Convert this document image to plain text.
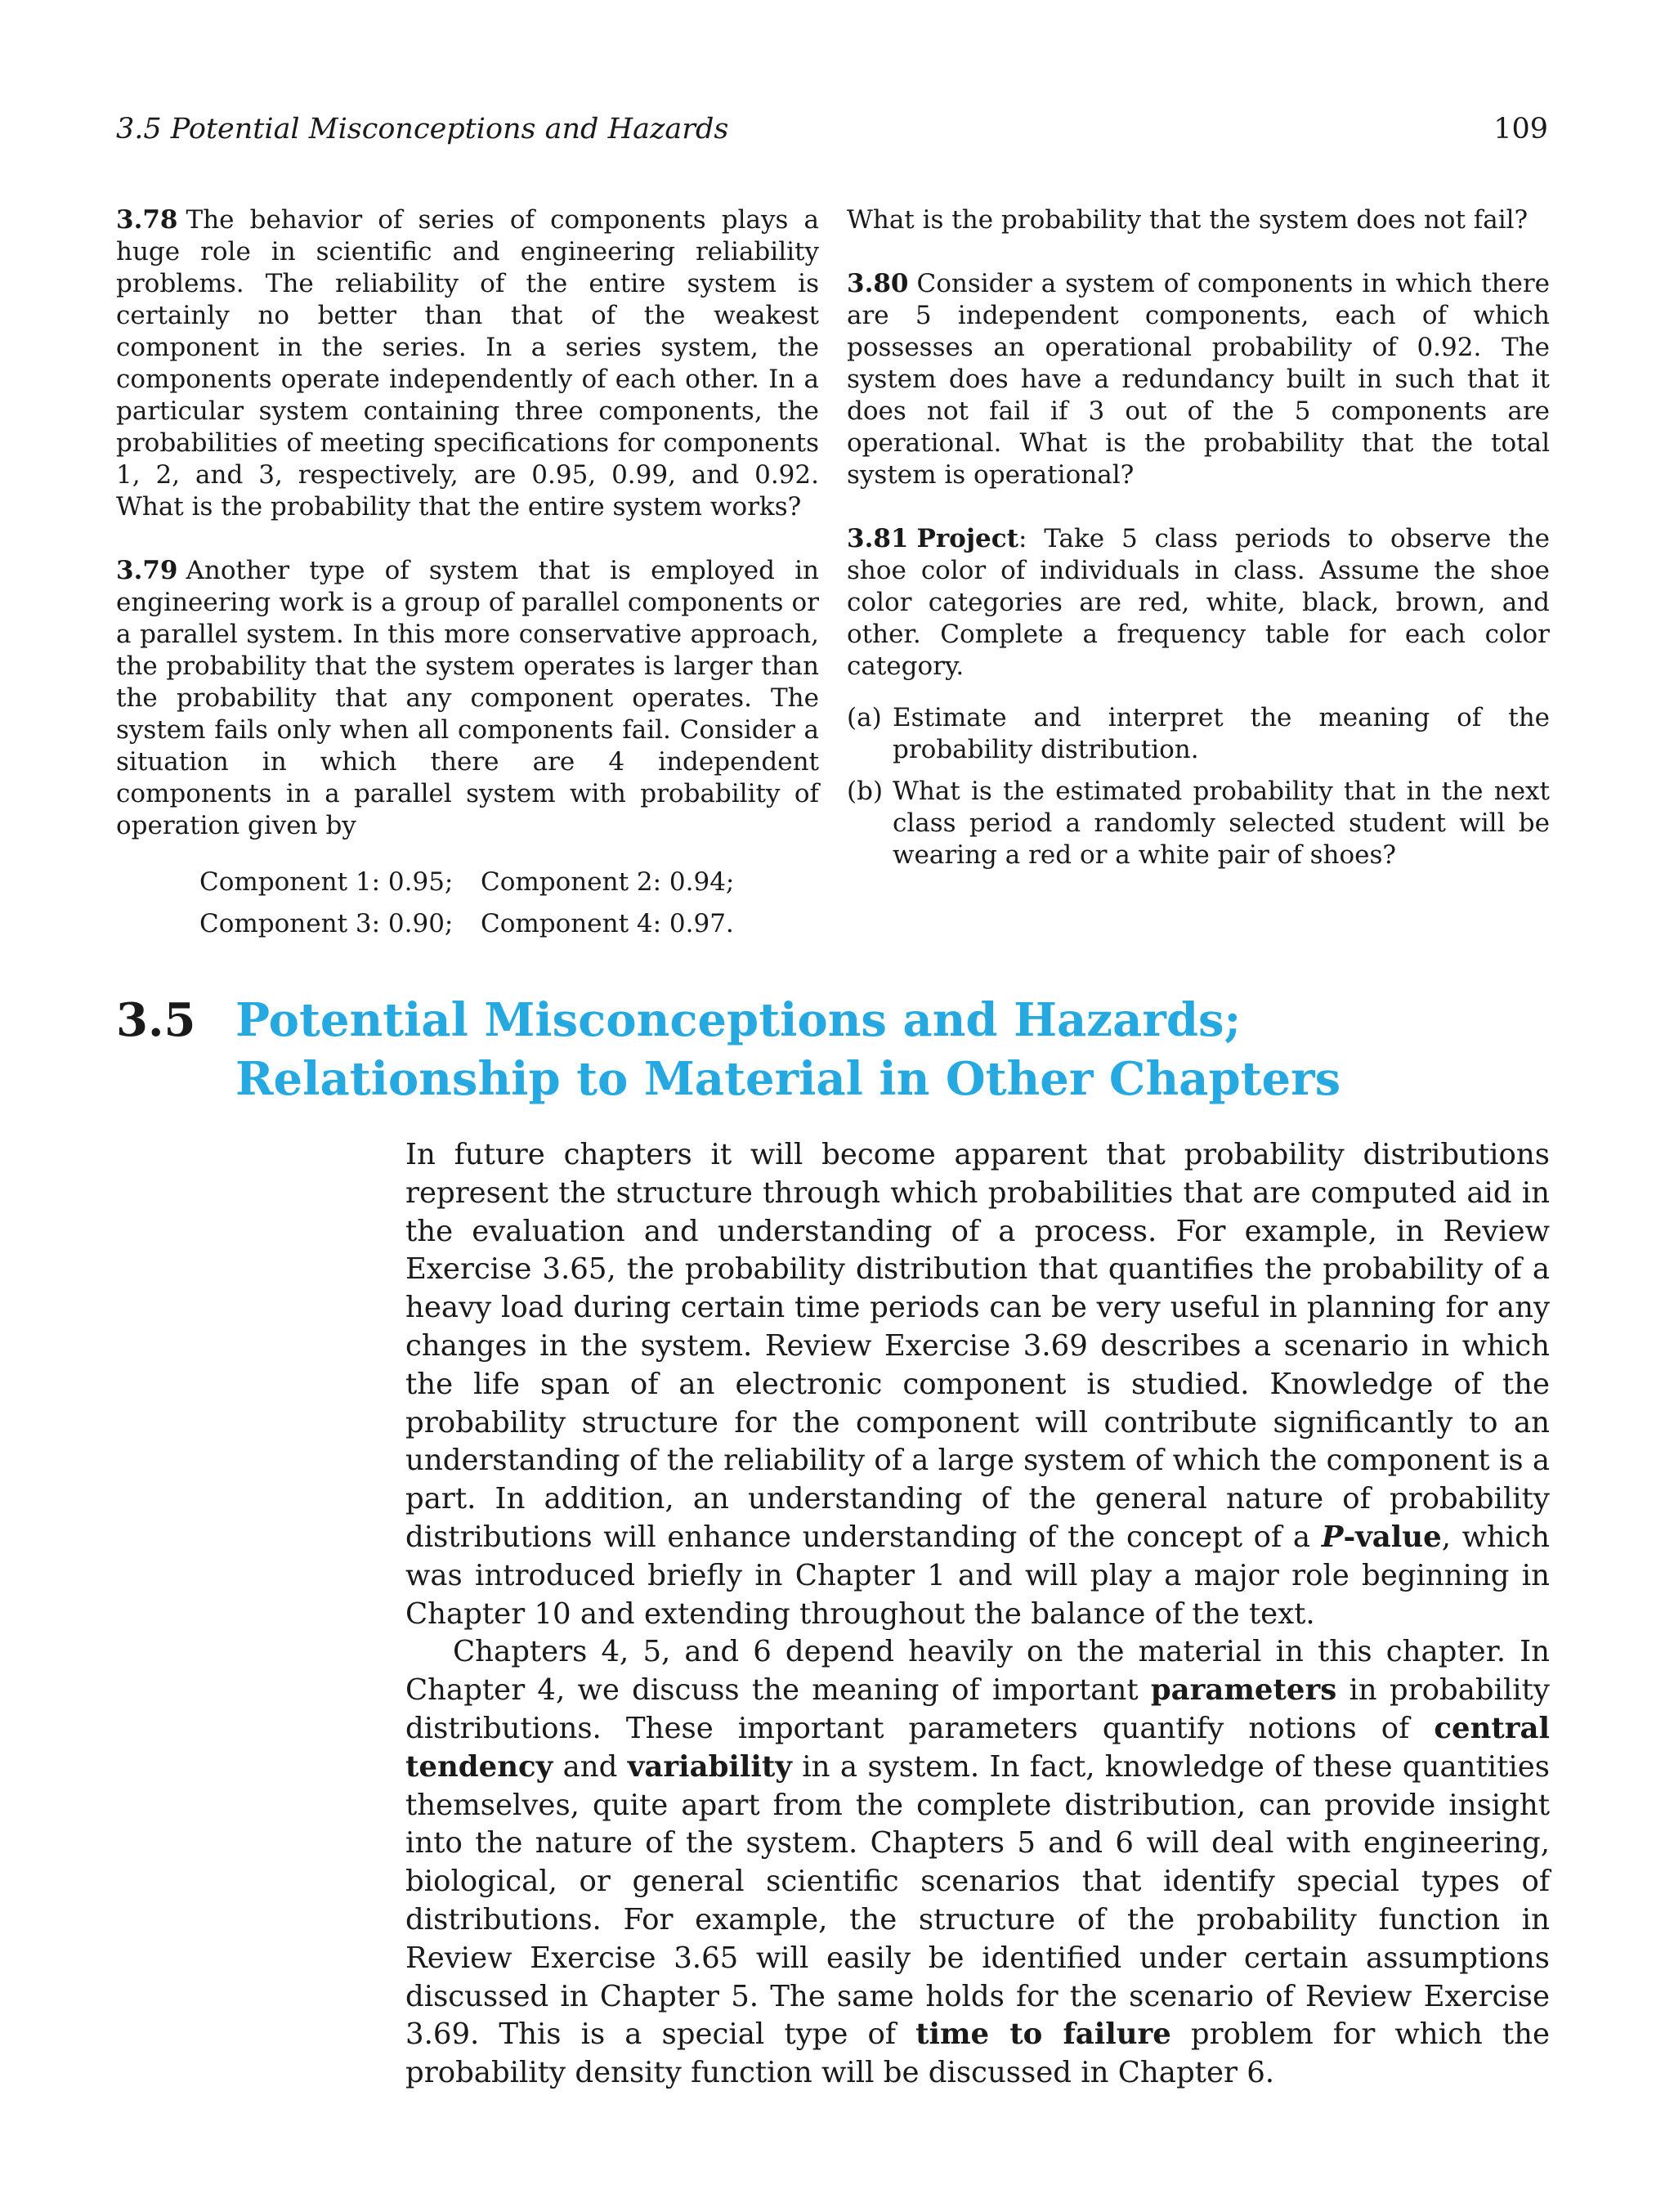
3.5 Potential Misconceptions and Hazards	109

3.78 The behavior of series of components plays a huge role in scientific and engineering reliability problems. The reliability of the entire system is certainly no better than that of the weakest component in the series. In a series system, the components operate independently of each other. In a particular system containing three components, the probabilities of meeting specifications for components 1, 2, and 3, respectively, are 0.95, 0.99, and 0.92. What is the probability that the entire system works?

3.79 Another type of system that is employed in engineering work is a group of parallel components or a parallel system. In this more conservative approach, the probability that the system operates is larger than the probability that any component operates. The system fails only when all components fail. Consider a situation in which there are 4 independent components in a parallel system with probability of operation given by

Component 1: 0.95;	Component 2: 0.94;
Component 3: 0.90;	Component 4: 0.97.

What is the probability that the system does not fail?

3.80 Consider a system of components in which there are 5 independent components, each of which possesses an operational probability of 0.92. The system does have a redundancy built in such that it does not fail if 3 out of the 5 components are operational. What is the probability that the total system is operational?

3.81 Project: Take 5 class periods to observe the shoe color of individuals in class. Assume the shoe color categories are red, white, black, brown, and other. Complete a frequency table for each color category.

(a) Estimate and interpret the meaning of the probability distribution.
(b) What is the estimated probability that in the next class period a randomly selected student will be wearing a red or a white pair of shoes?
3.5 Potential Misconceptions and Hazards;
Relationship to Material in Other Chapters

In future chapters it will become apparent that probability distributions represent the structure through which probabilities that are computed aid in the evaluation and understanding of a process. For example, in Review Exercise 3.65, the probability distribution that quantifies the probability of a heavy load during certain time periods can be very useful in planning for any changes in the system. Review Exercise 3.69 describes a scenario in which the life span of an electronic component is studied. Knowledge of the probability structure for the component will contribute significantly to an understanding of the reliability of a large system of which the component is a part. In addition, an understanding of the general nature of probability distributions will enhance understanding of the concept of a P-value, which was introduced briefly in Chapter 1 and will play a major role beginning in Chapter 10 and extending throughout the balance of the text.

Chapters 4, 5, and 6 depend heavily on the material in this chapter. In Chapter 4, we discuss the meaning of important parameters in probability distributions. These important parameters quantify notions of central tendency and variability in a system. In fact, knowledge of these quantities themselves, quite apart from the complete distribution, can provide insight into the nature of the system. Chapters 5 and 6 will deal with engineering, biological, or general scientific scenarios that identify special types of distributions. For example, the structure of the probability function in Review Exercise 3.65 will easily be identified under certain assumptions discussed in Chapter 5. The same holds for the scenario of Review Exercise 3.69. This is a special type of time to failure problem for which the probability density function will be discussed in Chapter 6.
